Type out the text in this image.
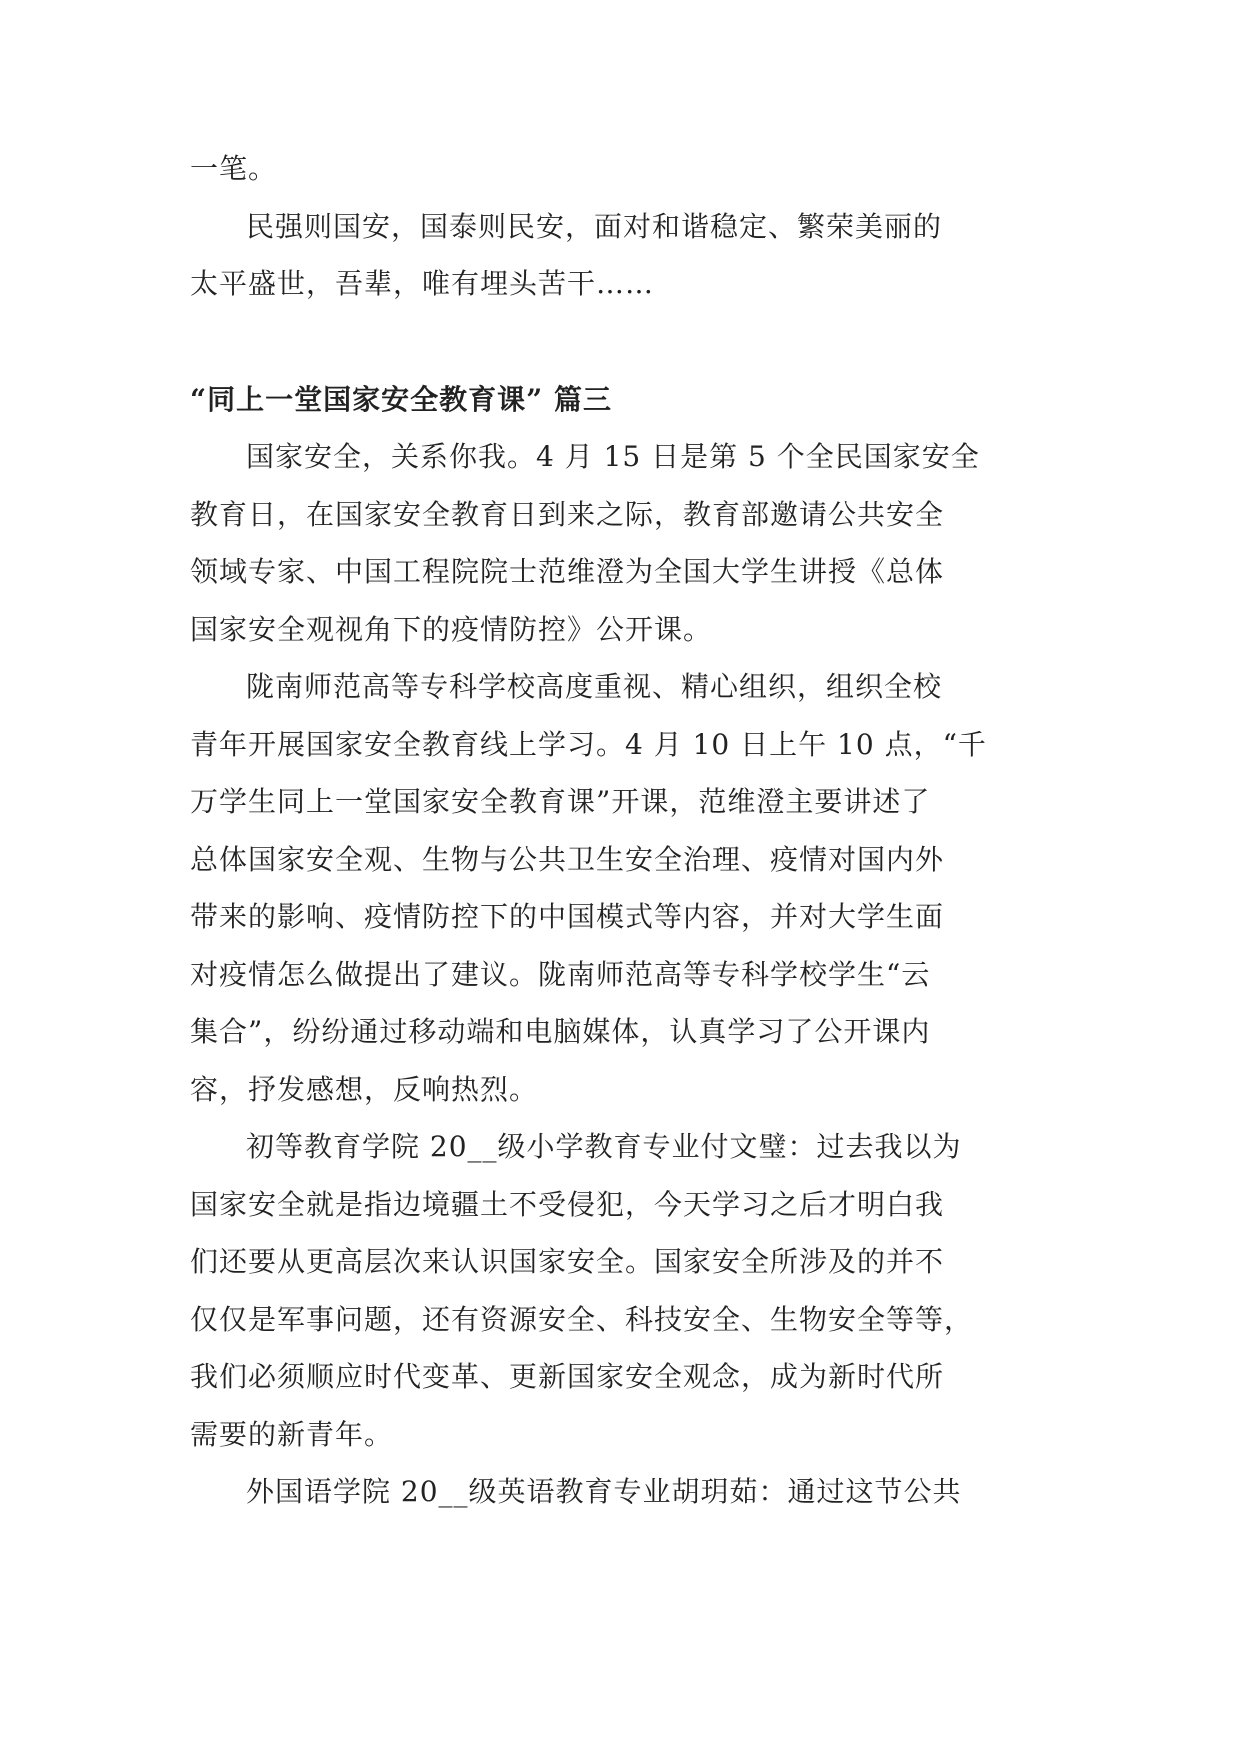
一笔。
民强则国安，国泰则民安，面对和谐稳定、繁荣美丽的
太平盛世，吾辈，唯有埋头苦干……
“同上一堂国家安全教育课” 篇三
国家安全，关系你我。4 月 15 日是第 5 个全民国家安全
教育日，在国家安全教育日到来之际，教育部邀请公共安全
领域专家、中国工程院院士范维澄为全国大学生讲授《总体
国家安全观视角下的疫情防控》公开课。
陇南师范高等专科学校高度重视、精心组织，组织全校
青年开展国家安全教育线上学习。4 月 10 日上午 10 点，“千
万学生同上一堂国家安全教育课”开课，范维澄主要讲述了
总体国家安全观、生物与公共卫生安全治理、疫情对国内外
带来的影响、疫情防控下的中国模式等内容，并对大学生面
对疫情怎么做提出了建议。陇南师范高等专科学校学生“云
集合”，纷纷通过移动端和电脑媒体，认真学习了公开课内
容，抒发感想，反响热烈。
初等教育学院 20__级小学教育专业付文璧：过去我以为
国家安全就是指边境疆土不受侵犯，今天学习之后才明白我
们还要从更高层次来认识国家安全。国家安全所涉及的并不
仅仅是军事问题，还有资源安全、科技安全、生物安全等等，
我们必须顺应时代变革、更新国家安全观念，成为新时代所
需要的新青年。
外国语学院 20__级英语教育专业胡玥茹：通过这节公共
